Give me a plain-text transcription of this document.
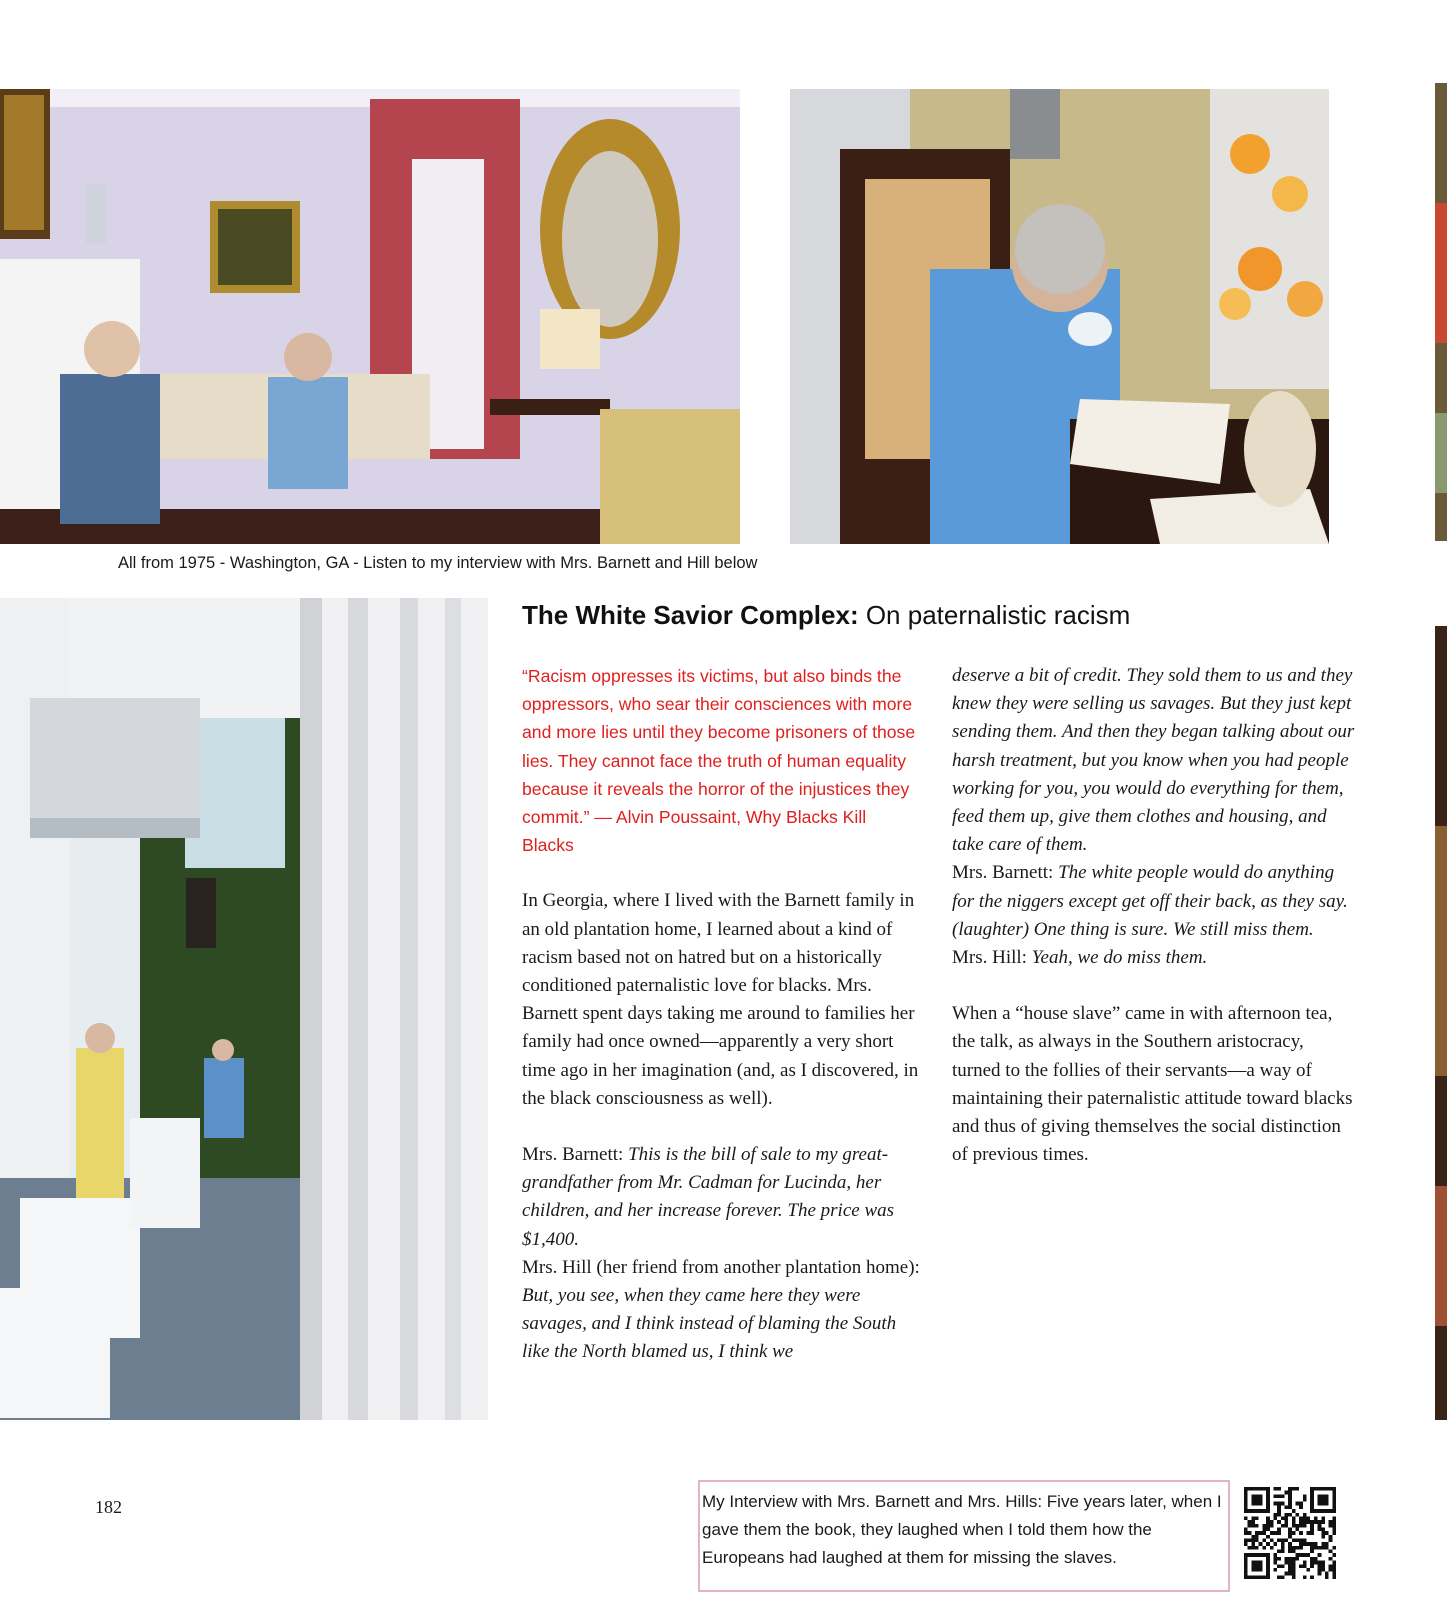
All from 1975 - Washington, GA - Listen to my interview with Mrs. Barnett and Hill below
The White Savior Complex: On paternalistic racism

“Racism oppresses its victims, but also binds the oppressors, who sear their consciences with more and more lies until they become prisoners of those lies. They cannot face the truth of human equality because it reveals the horror of the injustices they commit.” — Alvin Poussaint, Why Blacks Kill Blacks

In Georgia, where I lived with the Barnett family in an old plantation home, I learned about a kind of racism based not on hatred but on a historically conditioned paternalistic love for blacks. Mrs. Barnett spent days taking me around to families her family had once owned—apparently a very short time ago in her imagination (and, as I discovered, in the black consciousness as well).

Mrs. Barnett: This is the bill of sale to my great- grandfather from Mr. Cadman for Lucinda, her children, and her increase forever. The price was $1,400.

Mrs. Hill (her friend from another plantation home):

But, you see, when they came here they were savages, and I think instead of blaming the South like the North blamed us, I think we

182	My Interview with Mrs. Barnett and Mrs. Hills: Five years later, when I gave them the book, they laughed when I told them how the Europeans had laughed at them for missing the slaves.

deserve a bit of credit. They sold them to us and they knew they were selling us savages. But they just kept sending them. And then they began talking about our harsh treatment, but you know when you had people working for you, you would do everything for them, feed them up, give them clothes and housing, and take care of them.

Mrs. Barnett: The white people would do anything for the niggers except get off their back, as they say. (laughter) One thing is sure. We still miss them.

Mrs. Hill: Yeah, we do miss them.

When a “house slave” came in with afternoon tea, the talk, as always in the Southern aristocracy, turned to the follies of their servants—a way of maintaining their paternalistic attitude toward blacks and thus of giving themselves the social distinction of previous times.
